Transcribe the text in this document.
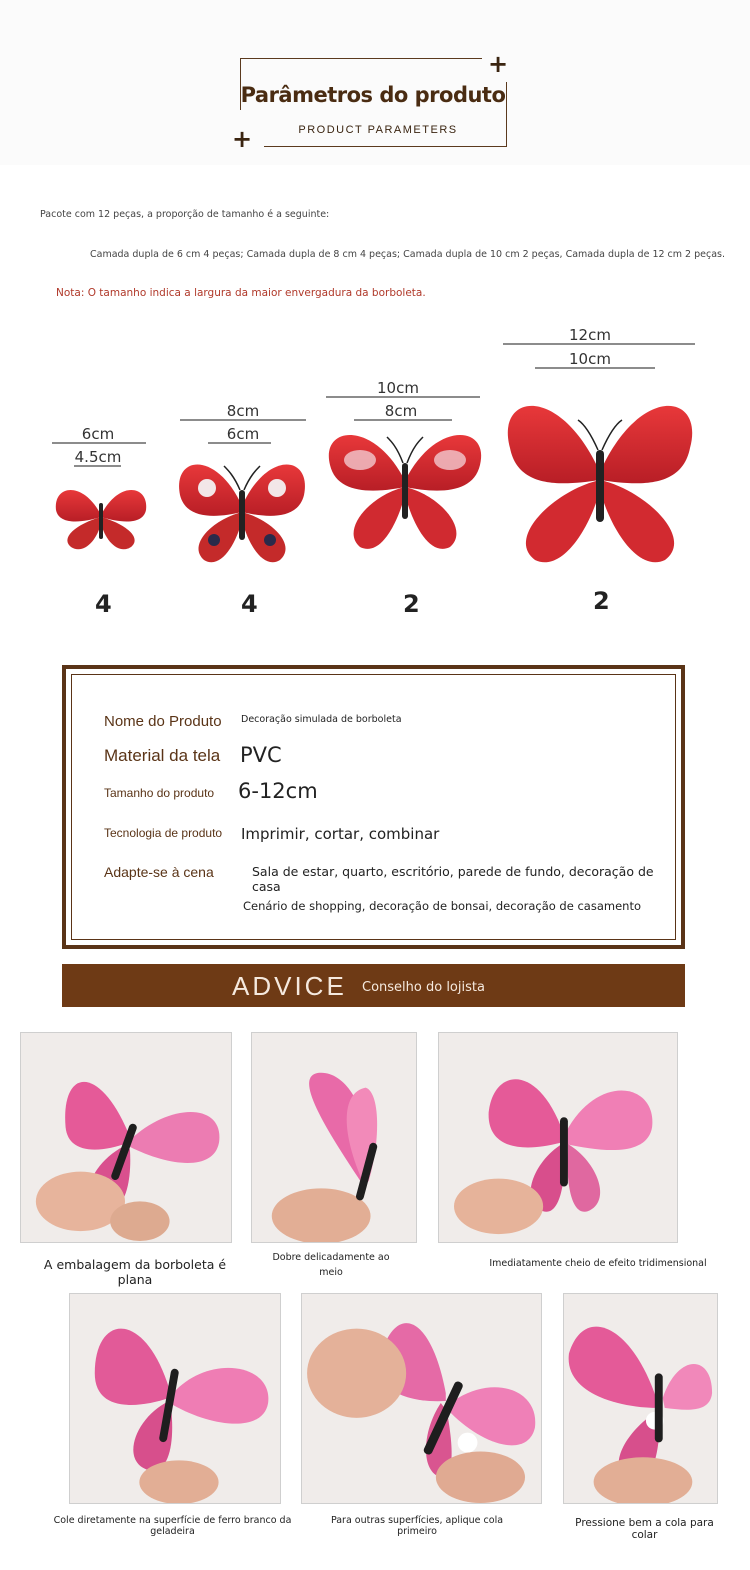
+
+
Parâmetros do produto
PRODUCT PARAMETERS
Pacote com 12 peças, a proporção de tamanho é a seguinte:
Camada dupla de 6 cm 4 peças; Camada dupla de 8 cm 4 peças; Camada dupla de 10 cm 2 peças, Camada dupla de 12 cm 2 peças.
Nota: O tamanho indica a largura da maior envergadura da borboleta.
6cm
4.5cm
8cm
6cm
10cm
8cm
12cm
10cm
4	4	2	2
Nome do Produto Decoração simulada de borboleta
Material da tela PVC
Tamanho do produto 6-12cm
Tecnologia de produto Imprimir, cortar, combinar
Adapte-se à cena	Sala de estar, quarto, escritório, parede de fundo, decoração de casa
Cenário de shopping, decoração de bonsai, decoração de casamento
ADVICE Conselho do lojista
A embalagem da borboleta é plana
Dobre delicadamente ao meio
Imediatamente cheio de efeito tridimensional
Cole diretamente na superfície de ferro branco da geladeira
Para outras superfícies, aplique cola primeiro
Pressione bem a cola para colar
